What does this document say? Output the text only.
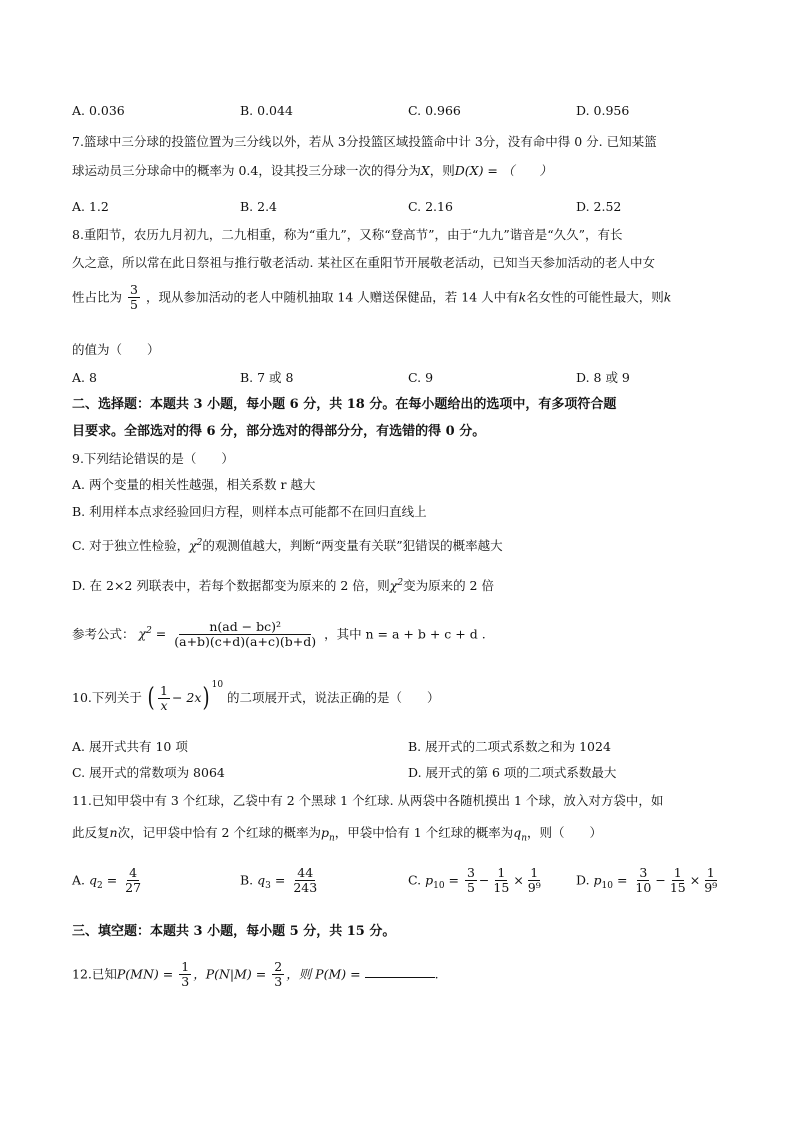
A. 0.036	B. 0.044	C. 0.966	D. 0.956
7.篮球中三分球的投篮位置为三分线以外，若从 3分投篮区域投篮命中计 3分，没有命中得 0 分. 已知某篮
球运动员三分球命中的概率为 0.4，设其投三分球一次的得分为X，则D(X) = （　　）
A. 1.2	B. 2.4	C. 2.16	D. 2.52
8.重阳节，农历九月初九，二九相重，称为“重九”，又称“登高节”，由于“九九”谐音是“久久”，有长
久之意，所以常在此日祭祖与推行敬老活动. 某社区在重阳节开展敬老活动，已知当天参加活动的老人中女
性占比为 $\frac{3}{5}$ ，现从参加活动的老人中随机抽取 14 人赠送保健品，若 14 人中有k名女性的可能性最大，则k
的值为（　　）
A. 8	B. 7 或 8	C. 9	D. 8 或 9
二、选择题：本题共 3 小题，每小题 6 分，共 18 分。在每小题给出的选项中，有多项符合题
目要求。全部选对的得 6 分，部分选对的得部分分，有选错的得 0 分。
9.下列结论错误的是（　　）
A. 两个变量的相关性越强，相关系数 r 越大
B. 利用样本点求经验回归方程，则样本点可能都不在回归直线上
C. 对于独立性检验，$\chi^2$的观测值越大，判断“两变量有关联”犯错误的概率越大
D. 在 2×2 列联表中，若每个数据都变为原来的 2 倍，则$\chi^2$变为原来的 2 倍
参考公式： $\chi^2 = \frac{\text{n(ad − bc)²}}{(a+b)(c+d)(a+c)(b+d)}$ ，其中 n = a + b + c + d .
10.下列关于 ( $\frac{1}{x} - 2x$) $^{10}$ 的二项展开式，说法正确的是（　　）
A. 展开式共有 10 项	B. 展开式的二项式系数之和为 1024
C. 展开式的常数项为 8064	D. 展开式的第 6 项的二项式系数最大
11.已知甲袋中有 3 个红球，乙袋中有 2 个黑球 1 个红球. 从两袋中各随机摸出 1 个球，放入对方袋中，如
此反复n次，记甲袋中恰有 2 个红球的概率为$p_n$，甲袋中恰有 1 个红球的概率为$q_n$，则（　　）
A. $q_2 = \frac{4}{27}$	B. $q_3 = \frac{44}{243}$	C. $p_{10} = \frac{3}{5} - \frac{1}{15} \times \frac{1}{\text{9⁹}}$	D. $p_{10} = \frac{3}{10} - \frac{1}{15} \times \frac{1}{\text{9⁹}}$
三、填空题：本题共 3 小题，每小题 5 分，共 15 分。
12.已知$P(MN) = \frac{1}{3}$ ，$P(N|M) = \frac{2}{3}$ ，则 P(M) =	.
